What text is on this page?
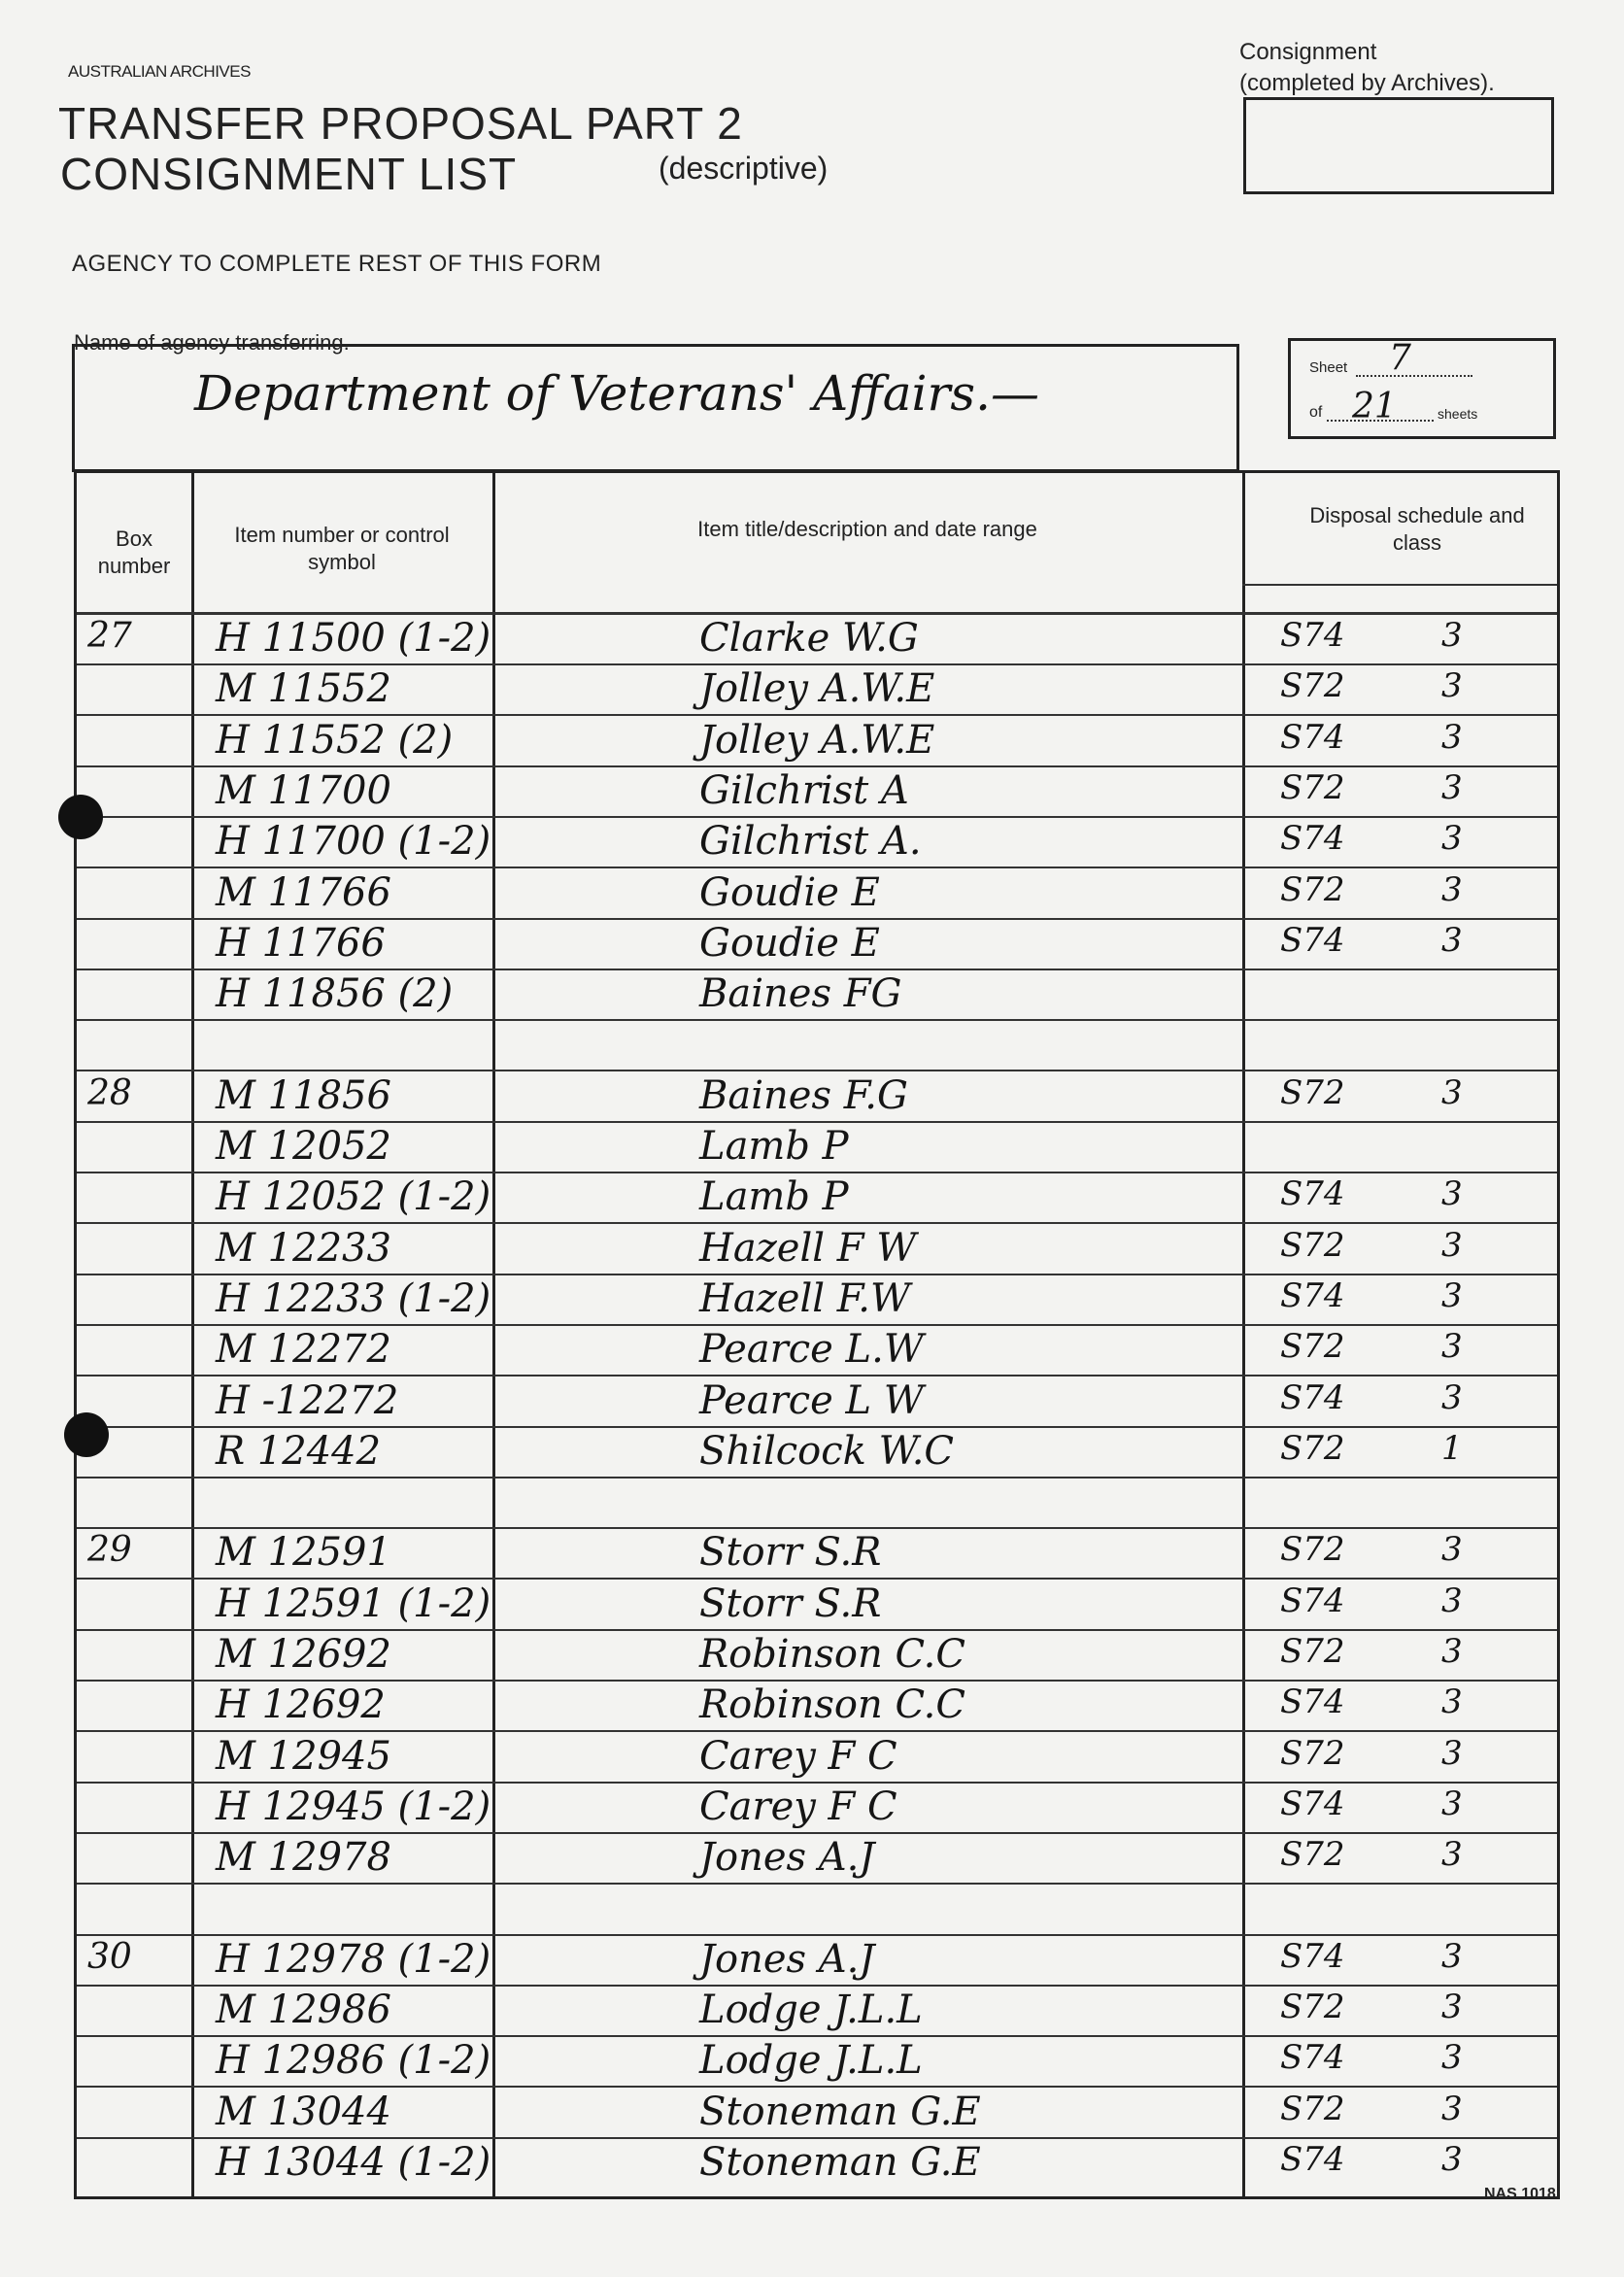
AUSTRALIAN ARCHIVES
TRANSFER PROPOSAL PART 2
CONSIGNMENT LIST	(descriptive)
AGENCY TO COMPLETE REST OF THIS FORM
Consignment
(completed by Archives).
Name of agency transferring.
Department of Veterans' Affairs.—	Sheet 7
of 21	sheets
Box number
Item number or control symbol
Item title/description and date range
Disposal schedule and class
27 H 11500 (1-2)	Clarke W.G	S74	3
M 11552	Jolley A.W.E	S72	3
H 11552 (2)	Jolley A.W.E	S74	3
M 11700	Gilchrist A	S72	3
H 11700 (1-2)	Gilchrist A.	S74	3
M 11766	Goudie E	S72	3
H 11766	Goudie E	S74	3
H 11856 (2)	Baines FG
28 M 11856	Baines F.G	S72	3
M 12052	Lamb P
H 12052 (1-2)	Lamb P	S74	3
M 12233	Hazell F W	S72	3
H 12233 (1-2)	Hazell F.W	S74	3
M 12272	Pearce L.W	S72	3
H -12272	Pearce L W	S74	3
R 12442	Shilcock W.C	S72	1
29 M 12591	Storr S.R	S72	3
H 12591 (1-2)	Storr S.R	S74	3
M 12692	Robinson C.C	S72	3
H 12692	Robinson C.C	S74	3
M 12945	Carey F C	S72	3
H 12945 (1-2)	Carey F C	S74	3
M 12978	Jones A.J	S72	3
30 H 12978 (1-2)	Jones A.J	S74	3
M 12986	Lodge J.L.L	S72	3
H 12986 (1-2)	Lodge J.L.L	S74	3
M 13044	Stoneman G.E	S72	3
H 13044 (1-2)	Stoneman G.E	S74	3
NAS 1018
